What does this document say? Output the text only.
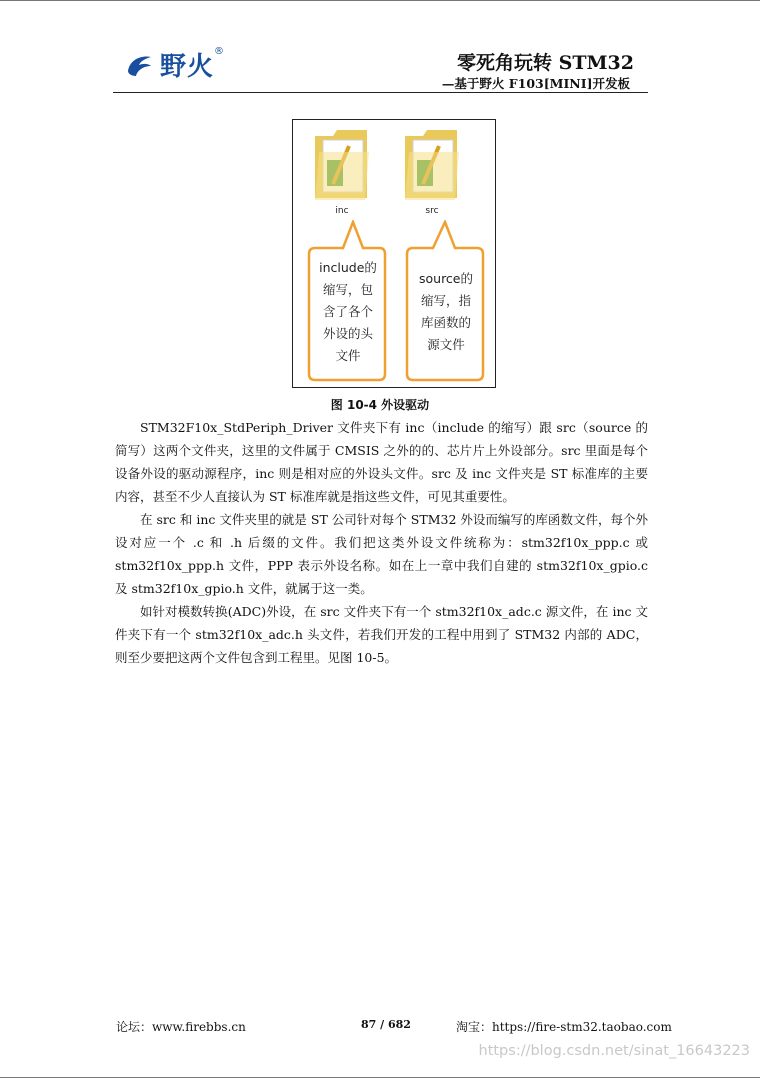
野火 ®
零死角玩转 STM32
—基于野火 F103[MINI]开发板
inc	src
include的
缩写，包
含了各个
外设的头
文件
source的
缩写，指
库函数的
源文件
图 10-4 外设驱动

STM32F10x_StdPeriph_Driver 文件夹下有 inc（include 的缩写）跟 src（source 的简写）这两个文件夹，这里的文件属于 CMSIS 之外的的、芯片片上外设部分。src 里面是每个设备外设的驱动源程序，inc 则是相对应的外设头文件。src 及 inc 文件夹是 ST 标准库的主要内容，甚至不少人直接认为 ST 标准库就是指这些文件，可见其重要性。

在 src 和 inc 文件夹里的就是 ST 公司针对每个 STM32 外设而编写的库函数文件，每个外设对应一个 .c 和 .h 后缀的文件。我们把这类外设文件统称为：stm32f10x_ppp.c 或 stm32f10x_ppp.h 文件，PPP 表示外设名称。如在上一章中我们自建的 stm32f10x_gpio.c 及 stm32f10x_gpio.h 文件，就属于这一类。

如针对模数转换(ADC)外设，在 src 文件夹下有一个 stm32f10x_adc.c 源文件，在 inc 文件夹下有一个 stm32f10x_adc.h 头文件，若我们开发的工程中用到了 STM32 内部的 ADC，则至少要把这两个文件包含到工程里。见图 10-5。

论坛：www.firebbs.cn	87 / 682	淘宝：https://fire-stm32.taobao.com
https://blog.csdn.net/sinat_16643223
